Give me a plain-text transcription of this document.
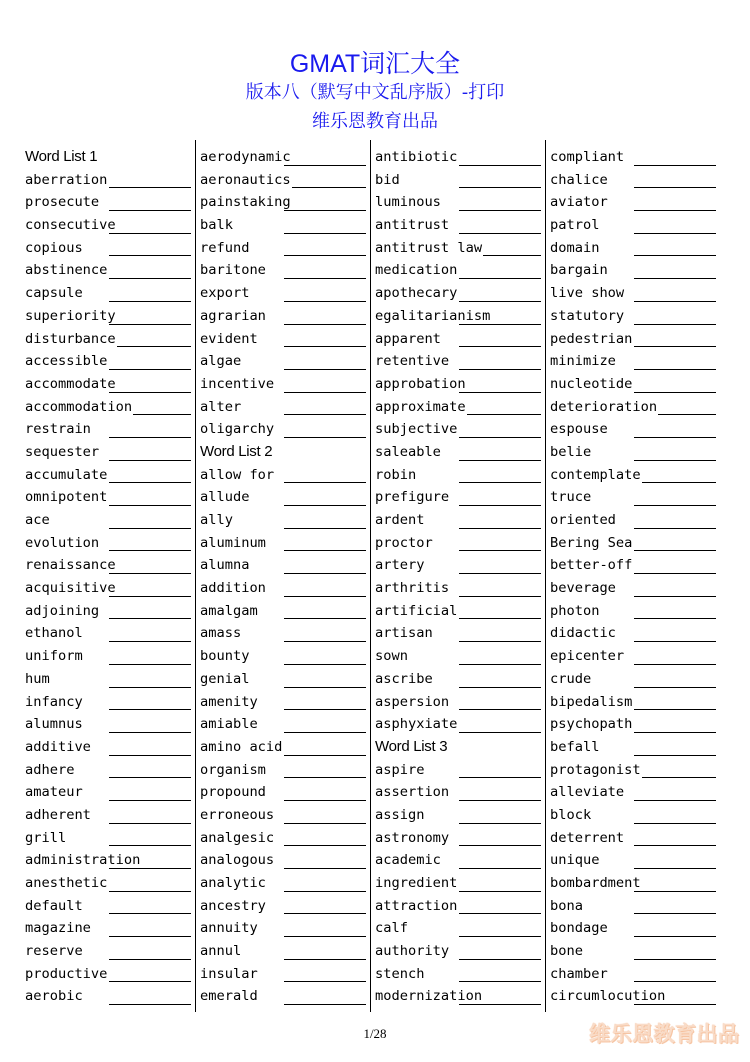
GMAT词汇大全
版本八（默写中文乱序版）-打印
维乐恩教育出品
Word List 1
aberration
prosecute
consecutive
copious
abstinence
capsule
superiority
disturbance
accessible
accommodate
accommodation
restrain
sequester
accumulate
omnipotent
ace
evolution
renaissance
acquisitive
adjoining
ethanol
uniform
hum
infancy
alumnus
additive
adhere
amateur
adherent
grill
administration
anesthetic
default
magazine
reserve
productive
aerobic
aerodynamic
aeronautics
painstaking
balk
refund
baritone
export
agrarian
evident
algae
incentive
alter
oligarchy
Word List 2
allow for
allude
ally
aluminum
alumna
addition
amalgam
amass
bounty
genial
amenity
amiable
amino acid
organism
propound
erroneous
analgesic
analogous
analytic
ancestry
annuity
annul
insular
emerald
antibiotic
bid
luminous
antitrust
antitrust law
medication
apothecary
egalitarianism
apparent
retentive
approbation
approximate
subjective
saleable
robin
prefigure
ardent
proctor
artery
arthritis
artificial
artisan
sown
ascribe
aspersion
asphyxiate
Word List 3
aspire
assertion
assign
astronomy
academic
ingredient
attraction
calf
authority
stench
modernization
compliant
chalice
aviator
patrol
domain
bargain
live show
statutory
pedestrian
minimize
nucleotide
deterioration
espouse
belie
contemplate
truce
oriented
Bering Sea
better-off
beverage
photon
didactic
epicenter
crude
bipedalism
psychopath
befall
protagonist
alleviate
block
deterrent
unique
bombardment
bona
bondage
bone
chamber
circumlocution
1/28	维乐恩教育出品
